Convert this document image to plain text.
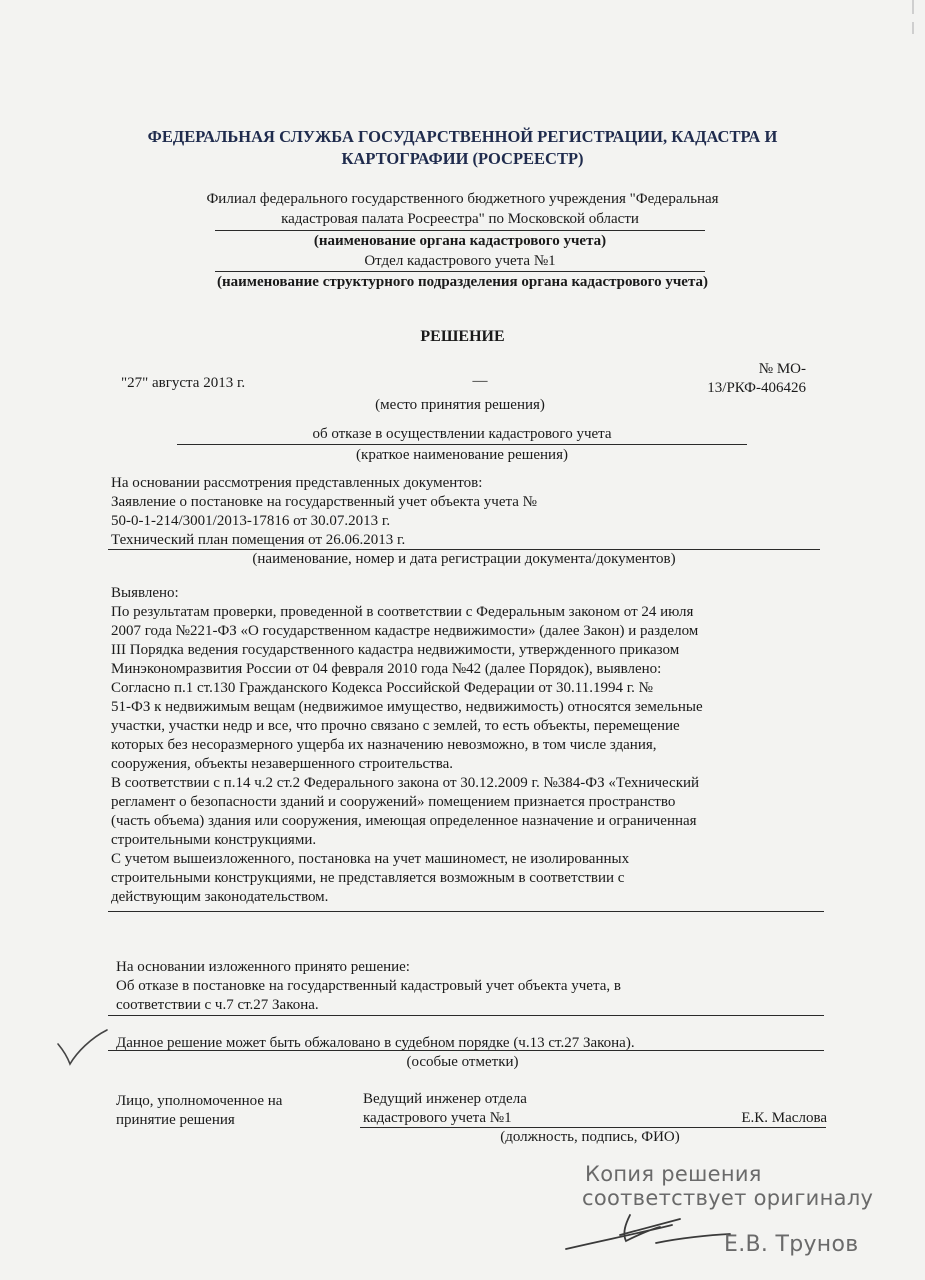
ФЕДЕРАЛЬНАЯ СЛУЖБА ГОСУДАРСТВЕННОЙ РЕГИСТРАЦИИ, КАДАСТРА И
КАРТОГРАФИИ (РОСРЕЕСТР)
Филиал федерального государственного бюджетного учреждения "Федеральная
кадастровая палата Росреестра" по Московской области
(наименование органа кадастрового учета)
Отдел кадастрового учета №1
(наименование структурного подразделения органа кадастрового учета)
РЕШЕНИЕ
"27" августа 2013 г.	—
(место принятия решения)
№ МО-
13/РКФ-406426
об отказе в осуществлении кадастрового учета
(краткое наименование решения)
На основании рассмотрения представленных документов:
Заявление о постановке на государственный учет объекта учета №
50-0-1-214/3001/2013-17816 от 30.07.2013 г.
Технический план помещения от 26.06.2013 г.
(наименование, номер и дата регистрации документа/документов)
Выявлено:
По результатам проверки, проведенной в соответствии с Федеральным законом от 24 июля
2007 года №221-ФЗ «О государственном кадастре недвижимости» (далее Закон) и разделом
III Порядка ведения государственного кадастра недвижимости, утвержденного приказом
Минэкономразвития России от 04 февраля 2010 года №42 (далее Порядок), выявлено:
Согласно п.1 ст.130 Гражданского Кодекса Российской Федерации от 30.11.1994 г. №
51-ФЗ к недвижимым вещам (недвижимое имущество, недвижимость) относятся земельные
участки, участки недр и все, что прочно связано с землей, то есть объекты, перемещение
которых без несоразмерного ущерба их назначению невозможно, в том числе здания,
сооружения, объекты незавершенного строительства.
В соответствии с п.14 ч.2 ст.2 Федерального закона от 30.12.2009 г. №384-ФЗ «Технический
регламент о безопасности зданий и сооружений» помещением признается пространство
(часть объема) здания или сооружения, имеющая определенное назначение и ограниченная
строительными конструкциями.
С учетом вышеизложенного, постановка на учет машиномест, не изолированных
строительными конструкциями, не представляется возможным в соответствии с
действующим законодательством.
На основании изложенного принято решение:
Об отказе в постановке на государственный кадастровый учет объекта учета, в
соответствии с ч.7 ст.27 Закона.
Данное решение может быть обжаловано в судебном порядке (ч.13 ст.27 Закона).
(особые отметки)
Лицо, уполномоченное на
принятие решения
Ведущий инженер отдела
кадастрового учета №1	Е.К. Маслова
(должность, подпись, ФИО)
Копия решения
соответствует оригиналу
Е.В. Трунов
